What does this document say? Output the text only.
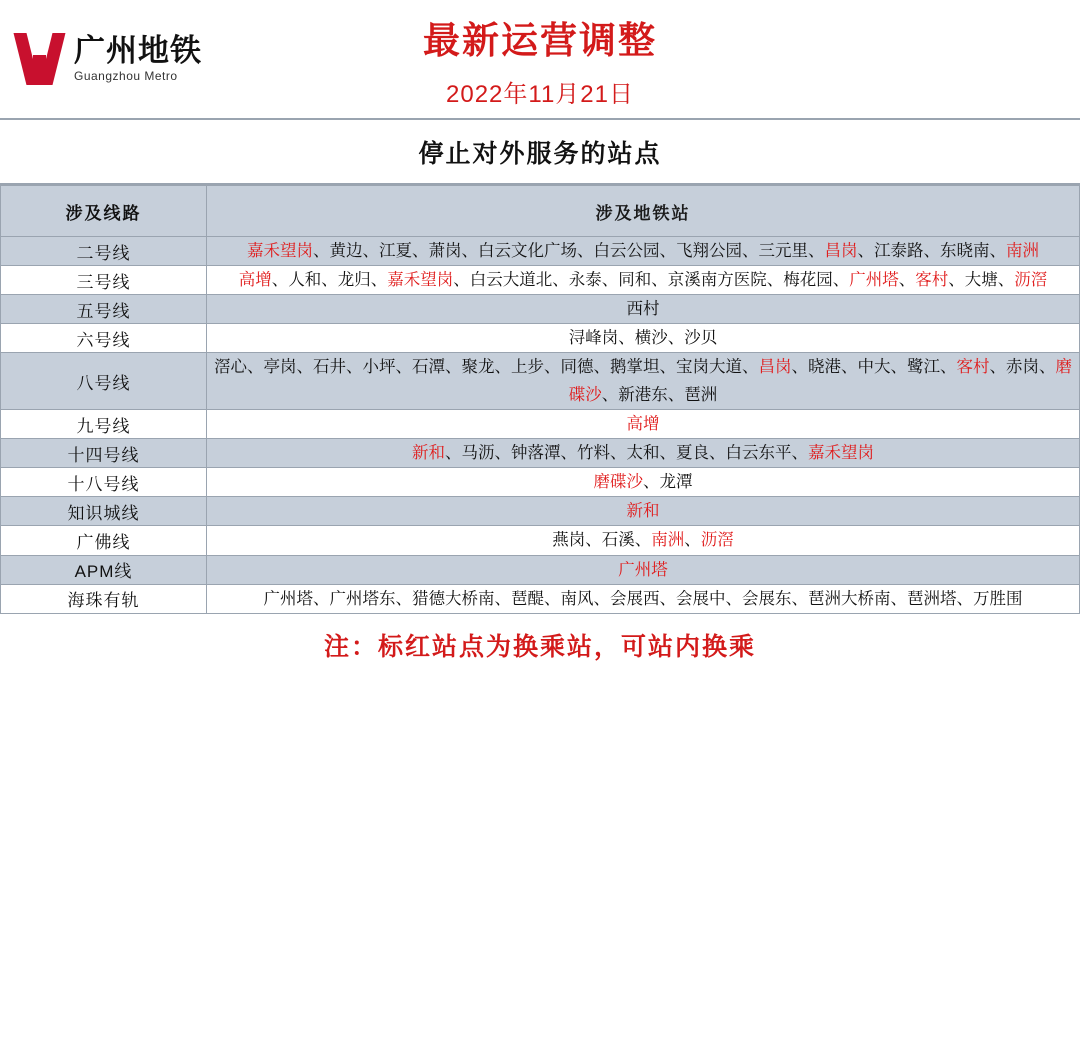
广州地铁
Guangzhou Metro
最新运营调整
2022年11月21日
停止对外服务的站点
涉及线路	涉及地铁站
二号线	嘉禾望岗、黄边、江夏、萧岗、白云文化广场、白云公园、飞翔公园、三元里、昌岗、江泰路、东晓南、南洲
三号线	高增、人和、龙归、嘉禾望岗、白云大道北、永泰、同和、京溪南方医院、梅花园、广州塔、客村、大塘、沥滘
五号线	西村
六号线	浔峰岗、横沙、沙贝
八号线	滘心、亭岗、石井、小坪、石潭、聚龙、上步、同德、鹅掌坦、宝岗大道、昌岗、晓港、中大、鹭江、客村、赤岗、磨碟沙、新港东、琶洲
九号线	高增
十四号线	新和、马沥、钟落潭、竹料、太和、夏良、白云东平、嘉禾望岗
十八号线	磨碟沙、龙潭
知识城线	新和
广佛线	燕岗、石溪、南洲、沥滘
APM线	广州塔
海珠有轨	广州塔、广州塔东、猎德大桥南、琶醍、南风、会展西、会展中、会展东、琶洲大桥南、琶洲塔、万胜围
注：标红站点为换乘站，可站内换乘
